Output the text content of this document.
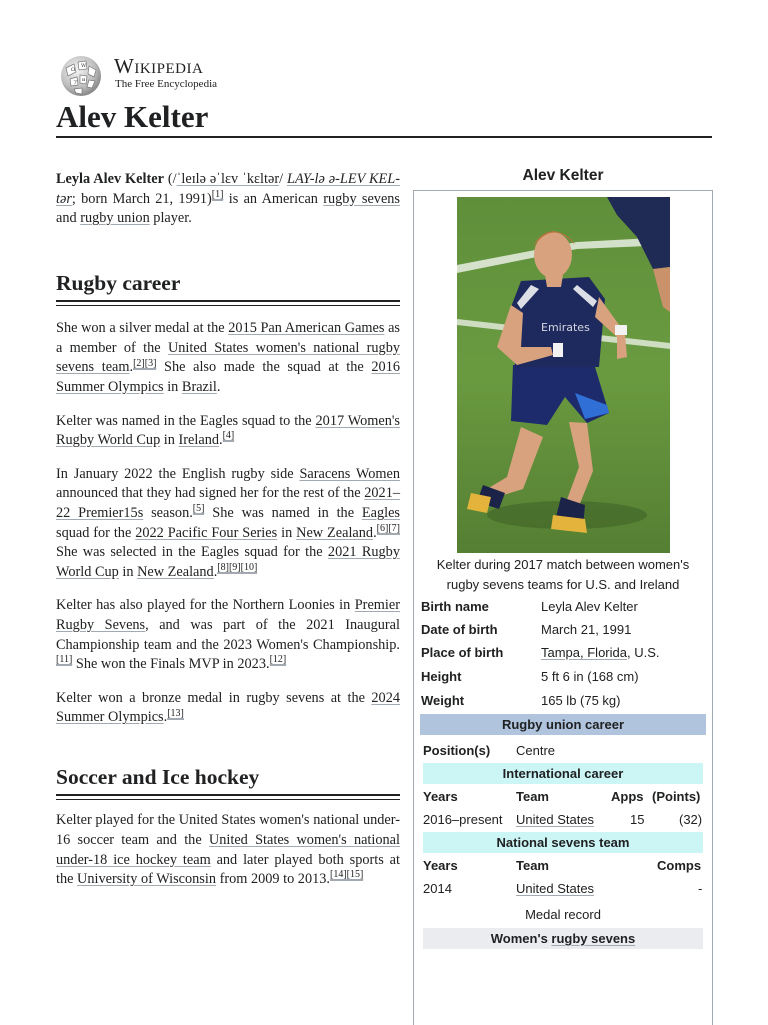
Ω
W
и
ア
Wikipedia
The Free Encyclopedia
Alev Kelter

Leyla Alev Kelter (/ˈleɪlə əˈlɛv ˈkɛltər/ LAY-lə ə-LEV KEL-tər; born March 21, 1991)[1] is an American rugby sevens and rugby union player.

Rugby career

She won a silver medal at the 2015 Pan American Games as a member of the United States women's national rugby sevens team.[2][3] She also made the squad at the 2016 Summer Olympics in Brazil.

Kelter was named in the Eagles squad to the 2017 Women's Rugby World Cup in Ireland.[4]

In January 2022 the English rugby side Saracens Women announced that they had signed her for the rest of the 2021–22 Premier15s season.[5] She was named in the Eagles squad for the 2022 Pacific Four Series in New Zealand.[6][7] She was selected in the Eagles squad for the 2021 Rugby World Cup in New Zealand.[8][9][10]

Kelter has also played for the Northern Loonies in Premier Rugby Sevens, and was part of the 2021 Inaugural Championship team and the 2023 Women's Championship.[11] She won the Finals MVP in 2023.[12]

Kelter won a bronze medal in rugby sevens at the 2024 Summer Olympics.[13]

Soccer and Ice hockey

Kelter played for the United States women's national under-16 soccer team and the United States women's national under-18 ice hockey team and later played both sports at the University of Wisconsin from 2009 to 2013.[14][15]

Alev Kelter
Emirates
Kelter during 2017 match between women's rugby sevens teams for U.S. and Ireland
Birth name	Leyla Alev Kelter
Date of birth	March 21, 1991
Place of birth	Tampa, Florida, U.S.
Height	5 ft 6 in (168 cm)
Weight	165 lb (75 kg)
Rugby union career
Position(s) Centre
International career
Years	Team	Apps (Points)
2016–present United States	15	(32)
National sevens team
Years	Team	Comps
2014	United States	-
Medal record
Women's rugby sevens
